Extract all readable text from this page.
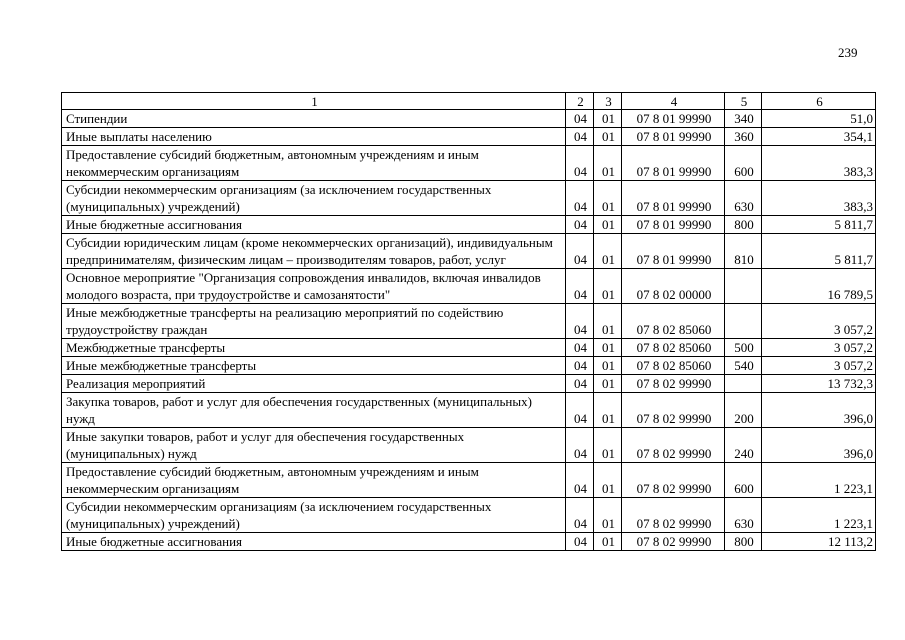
239
1	2	3	4	5	6
Стипендии	04	01	07 8 01 99990	340	51,0
Иные выплаты населению	04	01	07 8 01 99990	360	354,1
Предоставление субсидий бюджетным, автономным учреждениям и иным некоммерческим организациям	04	01	07 8 01 99990	600	383,3
Субсидии некоммерческим организациям (за исключением государственных (муниципальных) учреждений)	04	01	07 8 01 99990	630	383,3
Иные бюджетные ассигнования	04	01	07 8 01 99990	800	5 811,7
Субсидии юридическим лицам (кроме некоммерческих организаций), индивидуальным предпринимателям, физическим лицам – производителям товаров, работ, услуг	04	01	07 8 01 99990	810	5 811,7
Основное мероприятие "Организация сопровождения инвалидов, включая инвалидов молодого возраста, при трудоустройстве и самозанятости"	04	01	07 8 02 00000		16 789,5
Иные межбюджетные трансферты на реализацию мероприятий по содействию трудоустройству граждан	04	01	07 8 02 85060		3 057,2
Межбюджетные трансферты	04	01	07 8 02 85060	500	3 057,2
Иные межбюджетные трансферты	04	01	07 8 02 85060	540	3 057,2
Реализация мероприятий	04	01	07 8 02 99990		13 732,3
Закупка товаров, работ и услуг для обеспечения государственных (муниципальных) нужд	04	01	07 8 02 99990	200	396,0
Иные закупки товаров, работ и услуг для обеспечения государственных (муниципальных) нужд	04	01	07 8 02 99990	240	396,0
Предоставление субсидий бюджетным, автономным учреждениям и иным некоммерческим организациям	04	01	07 8 02 99990	600	1 223,1
Субсидии некоммерческим организациям (за исключением государственных (муниципальных) учреждений)	04	01	07 8 02 99990	630	1 223,1
Иные бюджетные ассигнования	04	01	07 8 02 99990	800	12 113,2
